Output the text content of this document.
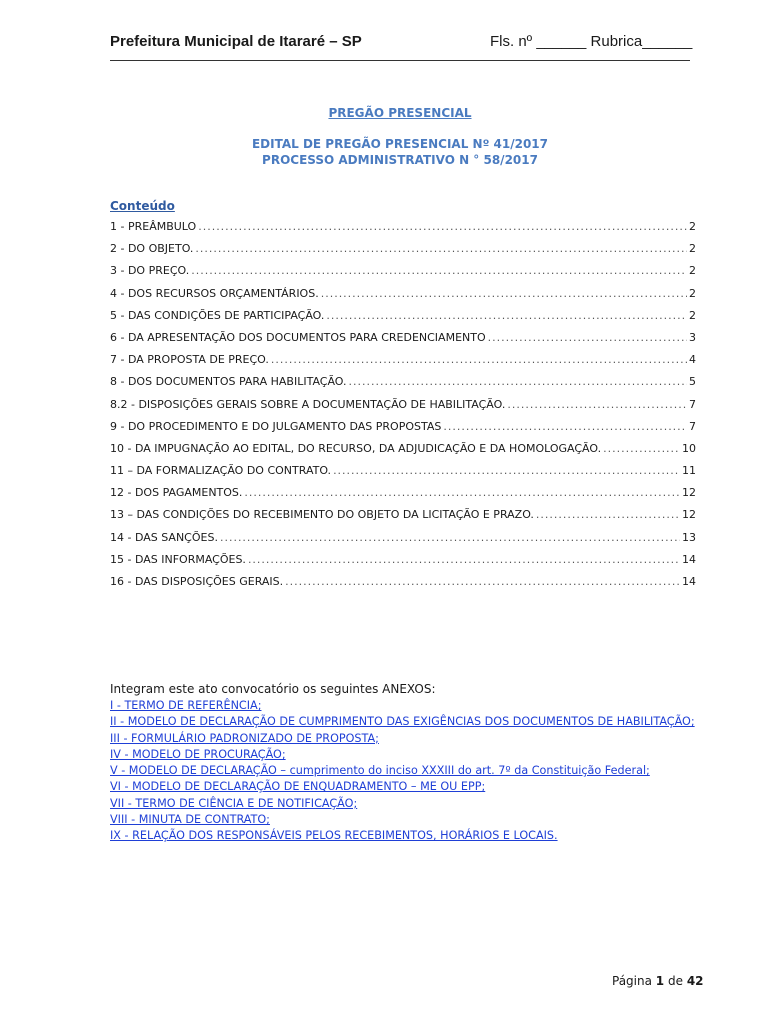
Prefeitura Municipal de Itararé – SP	Fls. nº ______ Rubrica______
PREGÃO PRESENCIAL
EDITAL DE PREGÃO PRESENCIAL Nº 41/2017
PROCESSO ADMINISTRATIVO N ° 58/2017
Conteúdo
1 - PREÂMBULO .....	2
2 - DO OBJETO. .....	2
3 - DO PREÇO. .....	2
4 - DOS RECURSOS ORÇAMENTÁRIOS. .....	2
5 - DAS CONDIÇÕES DE PARTICIPAÇÃO. .....	2
6 - DA APRESENTAÇÃO DOS DOCUMENTOS PARA CREDENCIAMENTO .....	3
7 - DA PROPOSTA DE PREÇO. .....	4
8 - DOS DOCUMENTOS PARA HABILITAÇÃO. .....	5
8.2 - DISPOSIÇÕES GERAIS SOBRE A DOCUMENTAÇÃO DE HABILITAÇÃO. .....	7
9 - DO PROCEDIMENTO E DO JULGAMENTO DAS PROPOSTAS .....	7
10 - DA IMPUGNAÇÃO AO EDITAL, DO RECURSO, DA ADJUDICAÇÃO E DA HOMOLOGAÇÃO. .....	10
11 – DA FORMALIZAÇÃO DO CONTRATO. .....	11
12 - DOS PAGAMENTOS. .....	12
13 – DAS CONDIÇÕES DO RECEBIMENTO DO OBJETO DA LICITAÇÃO E PRAZO. .....	12
14 - DAS SANÇÕES. .....	13
15 - DAS INFORMAÇÕES. .....	14
16 - DAS DISPOSIÇÕES GERAIS. .....	14
Integram este ato convocatório os seguintes ANEXOS:
I - TERMO DE REFERÊNCIA;
II - MODELO DE DECLARAÇÃO DE CUMPRIMENTO DAS EXIGÊNCIAS DOS DOCUMENTOS DE HABILITAÇÃO;
III - FORMULÁRIO PADRONIZADO DE PROPOSTA;
IV - MODELO DE PROCURAÇÃO;
V - MODELO DE DECLARAÇÃO – cumprimento do inciso XXXIII do art. 7º da Constituição Federal;
VI - MODELO DE DECLARAÇÃO DE ENQUADRAMENTO – ME OU EPP;
VII - TERMO DE CIÊNCIA E DE NOTIFICAÇÃO;
VIII - MINUTA DE CONTRATO;
IX - RELAÇÃO DOS RESPONSÁVEIS PELOS RECEBIMENTOS, HORÁRIOS E LOCAIS.
Página 1 de 42
